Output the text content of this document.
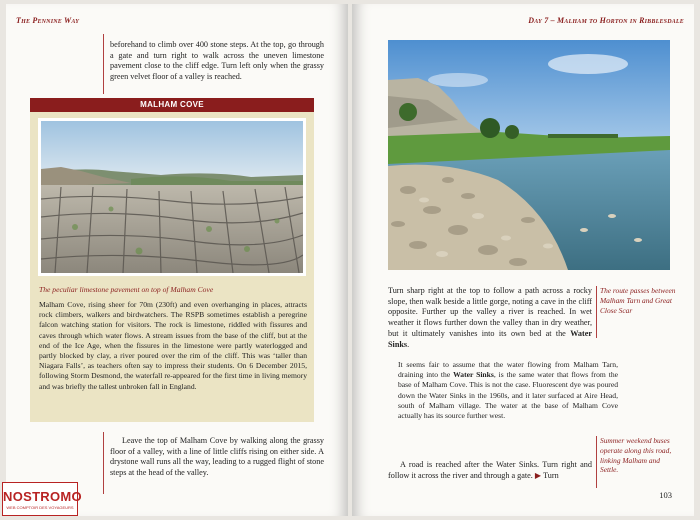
The Pennine Way
beforehand to climb over 400 stone steps. At the top, go through a gate and turn right to walk across the uneven limestone pavement close to the cliff edge. Turn left only when the grassy green velvet floor of a valley is reached.
MALHAM COVE
The peculiar limestone pavement on top of Malham Cove
Malham Cove, rising sheer for 70m (230ft) and even overhanging in places, attracts rock climbers, walkers and birdwatchers. The RSPB sometimes establish a peregrine falcon watching station for visitors. The rock is limestone, riddled with fissures and caves through which water flows. A stream issues from the base of the cliff, but at the end of the Ice Age, when the fissures in the limestone were partly waterlogged and partly blocked by clay, a river poured over the rim of the cliff. This was ‘taller than Niagara Falls’, as teachers often say to impress their students. On 6 December 2015, following Storm Desmond, the waterfall re-appeared for the first time in living memory and was briefly the tallest unbroken fall in England.
Leave the top of Malham Cove by walking along the grassy floor of a valley, with a line of little cliffs rising on either side. A drystone wall runs all the way, leading to a rugged flight of stone steps at the head of the valley.
Day 7 – Malham to Horton in Ribblesdale
Turn sharp right at the top to follow a path across a rocky slope, then walk beside a little gorge, noting a cave in the cliff opposite. Further up the valley a river is reached. In wet weather it flows further down the valley than in dry weather, but it ultimately vanishes into its own bed at the Water Sinks.
The route passes between Malham Tarn and Great Close Scar
It seems fair to assume that the water flowing from Malham Tarn, draining into the Water Sinks, is the same water that flows from the base of Malham Cove. This is not the case. Fluorescent dye was poured down the Water Sinks in the 1960s, and it later surfaced at Aire Head, south of Malham village. The water at the base of Malham Cove actually has its source further west.
A road is reached after the Water Sinks. Turn right and follow it across the river and through a gate. ▶ Turn
Summer weekend buses operate along this road, linking Malham and Settle.
103
NOSTROMO
WEB COMPTOIR DES VOYAGEURS
